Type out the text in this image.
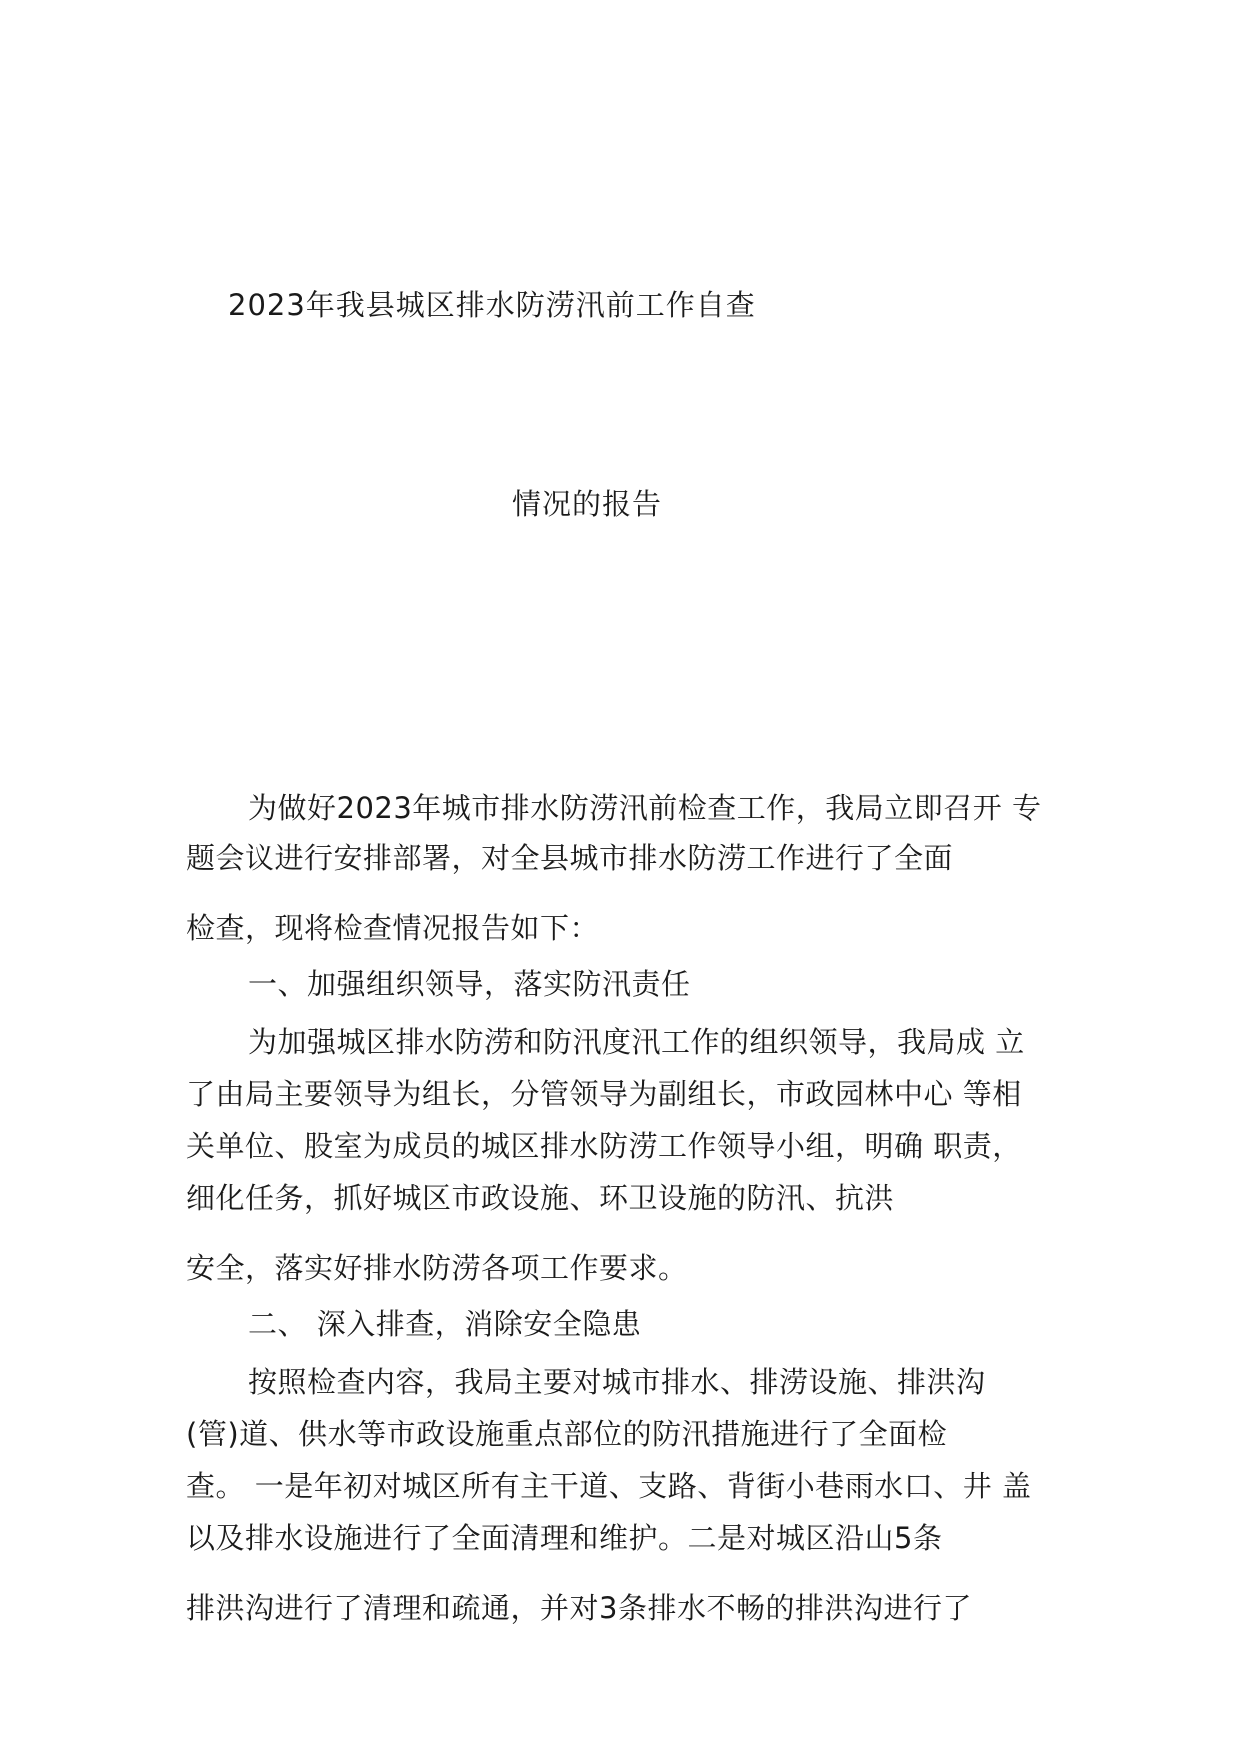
2023年我县城区排水防涝汛前工作自查

情况的报告

为做好2023年城市排水防涝汛前检查工作，我局立即召开 专

题会议进行安排部署，对全县城市排水防涝工作进行了全面

检查，现将检查情况报告如下：

一、加强组织领导，落实防汛责任

为加强城区排水防涝和防汛度汛工作的组织领导，我局成 立

了由局主要领导为组长，分管领导为副组长，市政园林中心 等相

关单位、股室为成员的城区排水防涝工作领导小组，明确 职责，

细化任务，抓好城区市政设施、环卫设施的防汛、抗洪

安全，落实好排水防涝各项工作要求。

二、 深入排查，消除安全隐患

按照检查内容，我局主要对城市排水、排涝设施、排洪沟

(管)道、供水等市政设施重点部位的防汛措施进行了全面检

查。 一是年初对城区所有主干道、支路、背街小巷雨水口、井 盖

以及排水设施进行了全面清理和维护。二是对城区沿山5条

排洪沟进行了清理和疏通，并对3条排水不畅的排洪沟进行了
